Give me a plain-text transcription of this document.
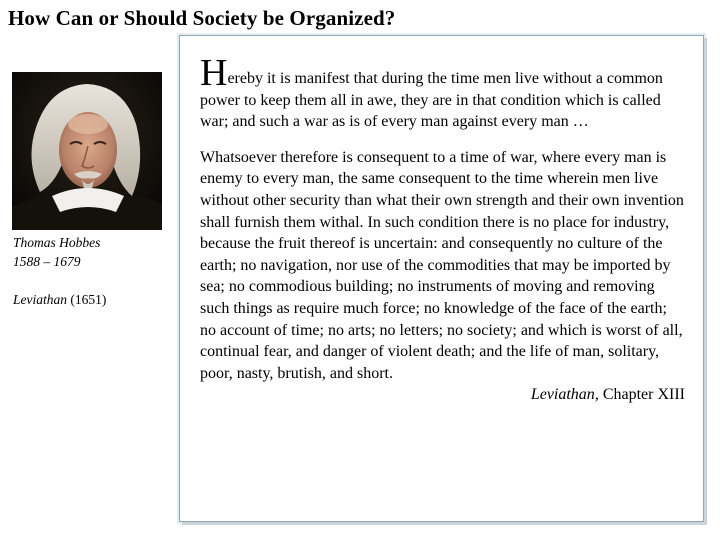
How Can or Should Society be Organized?
Thomas Hobbes
1588 – 1679
Leviathan (1651)

Hereby it is manifest that during the time men live without a common power to keep them all in awe, they are in that condition which is called war; and such a war as is of every man against every man …

Whatsoever therefore is consequent to a time of war, where every man is enemy to every man, the same consequent to the time wherein men live without other security than what their own strength and their own invention shall furnish them withal. In such condition there is no place for industry, because the fruit thereof is uncertain: and consequently no culture of the earth; no navigation, nor use of the commodities that may be imported by sea; no commodious building; no instruments of moving and removing such things as require much force; no knowledge of the face of the earth; no account of time; no arts; no letters; no society; and which is worst of all, continual fear, and danger of violent death; and the life of man, solitary, poor, nasty, brutish, and short.

Leviathan, Chapter XIII
